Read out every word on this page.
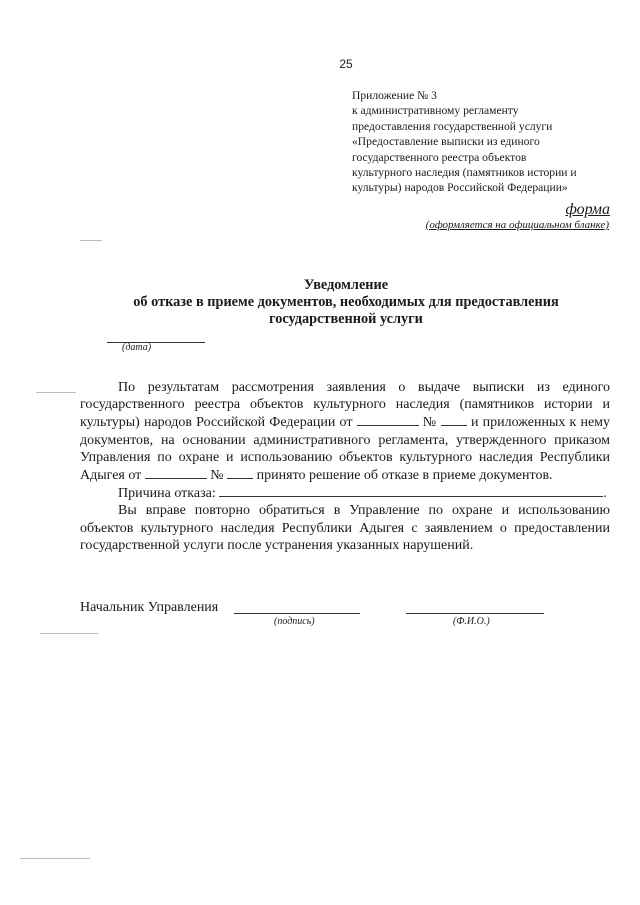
25
Приложение № 3
к административному регламенту
предоставления государственной услуги
«Предоставление выписки из единого
государственного реестра объектов
культурного наследия (памятников истории и
культуры) народов Российской Федерации»
форма
(оформляется на официальном бланке)
Уведомление
об отказе в приеме документов, необходимых для предоставления
государственной услуги
(дата)

По результатам рассмотрения заявления о выдаче выписки из единого государственного реестра объектов культурного наследия (памятников истории и культуры) народов Российской Федерации от	№ и приложенных к нему документов, на основании административного регламента, утвержденного приказом Управления по охране и использованию объектов культурного наследия Республики Адыгея от	№ принято решение об отказе в приеме документов.

Причина отказа:	.

Вы вправе повторно обратиться в Управление по охране и использованию объектов культурного наследия Республики Адыгея с заявлением о предоставлении государственной услуги после устранения указанных нарушений.

Начальник Управления
(подпись)	(Ф.И.О.)
